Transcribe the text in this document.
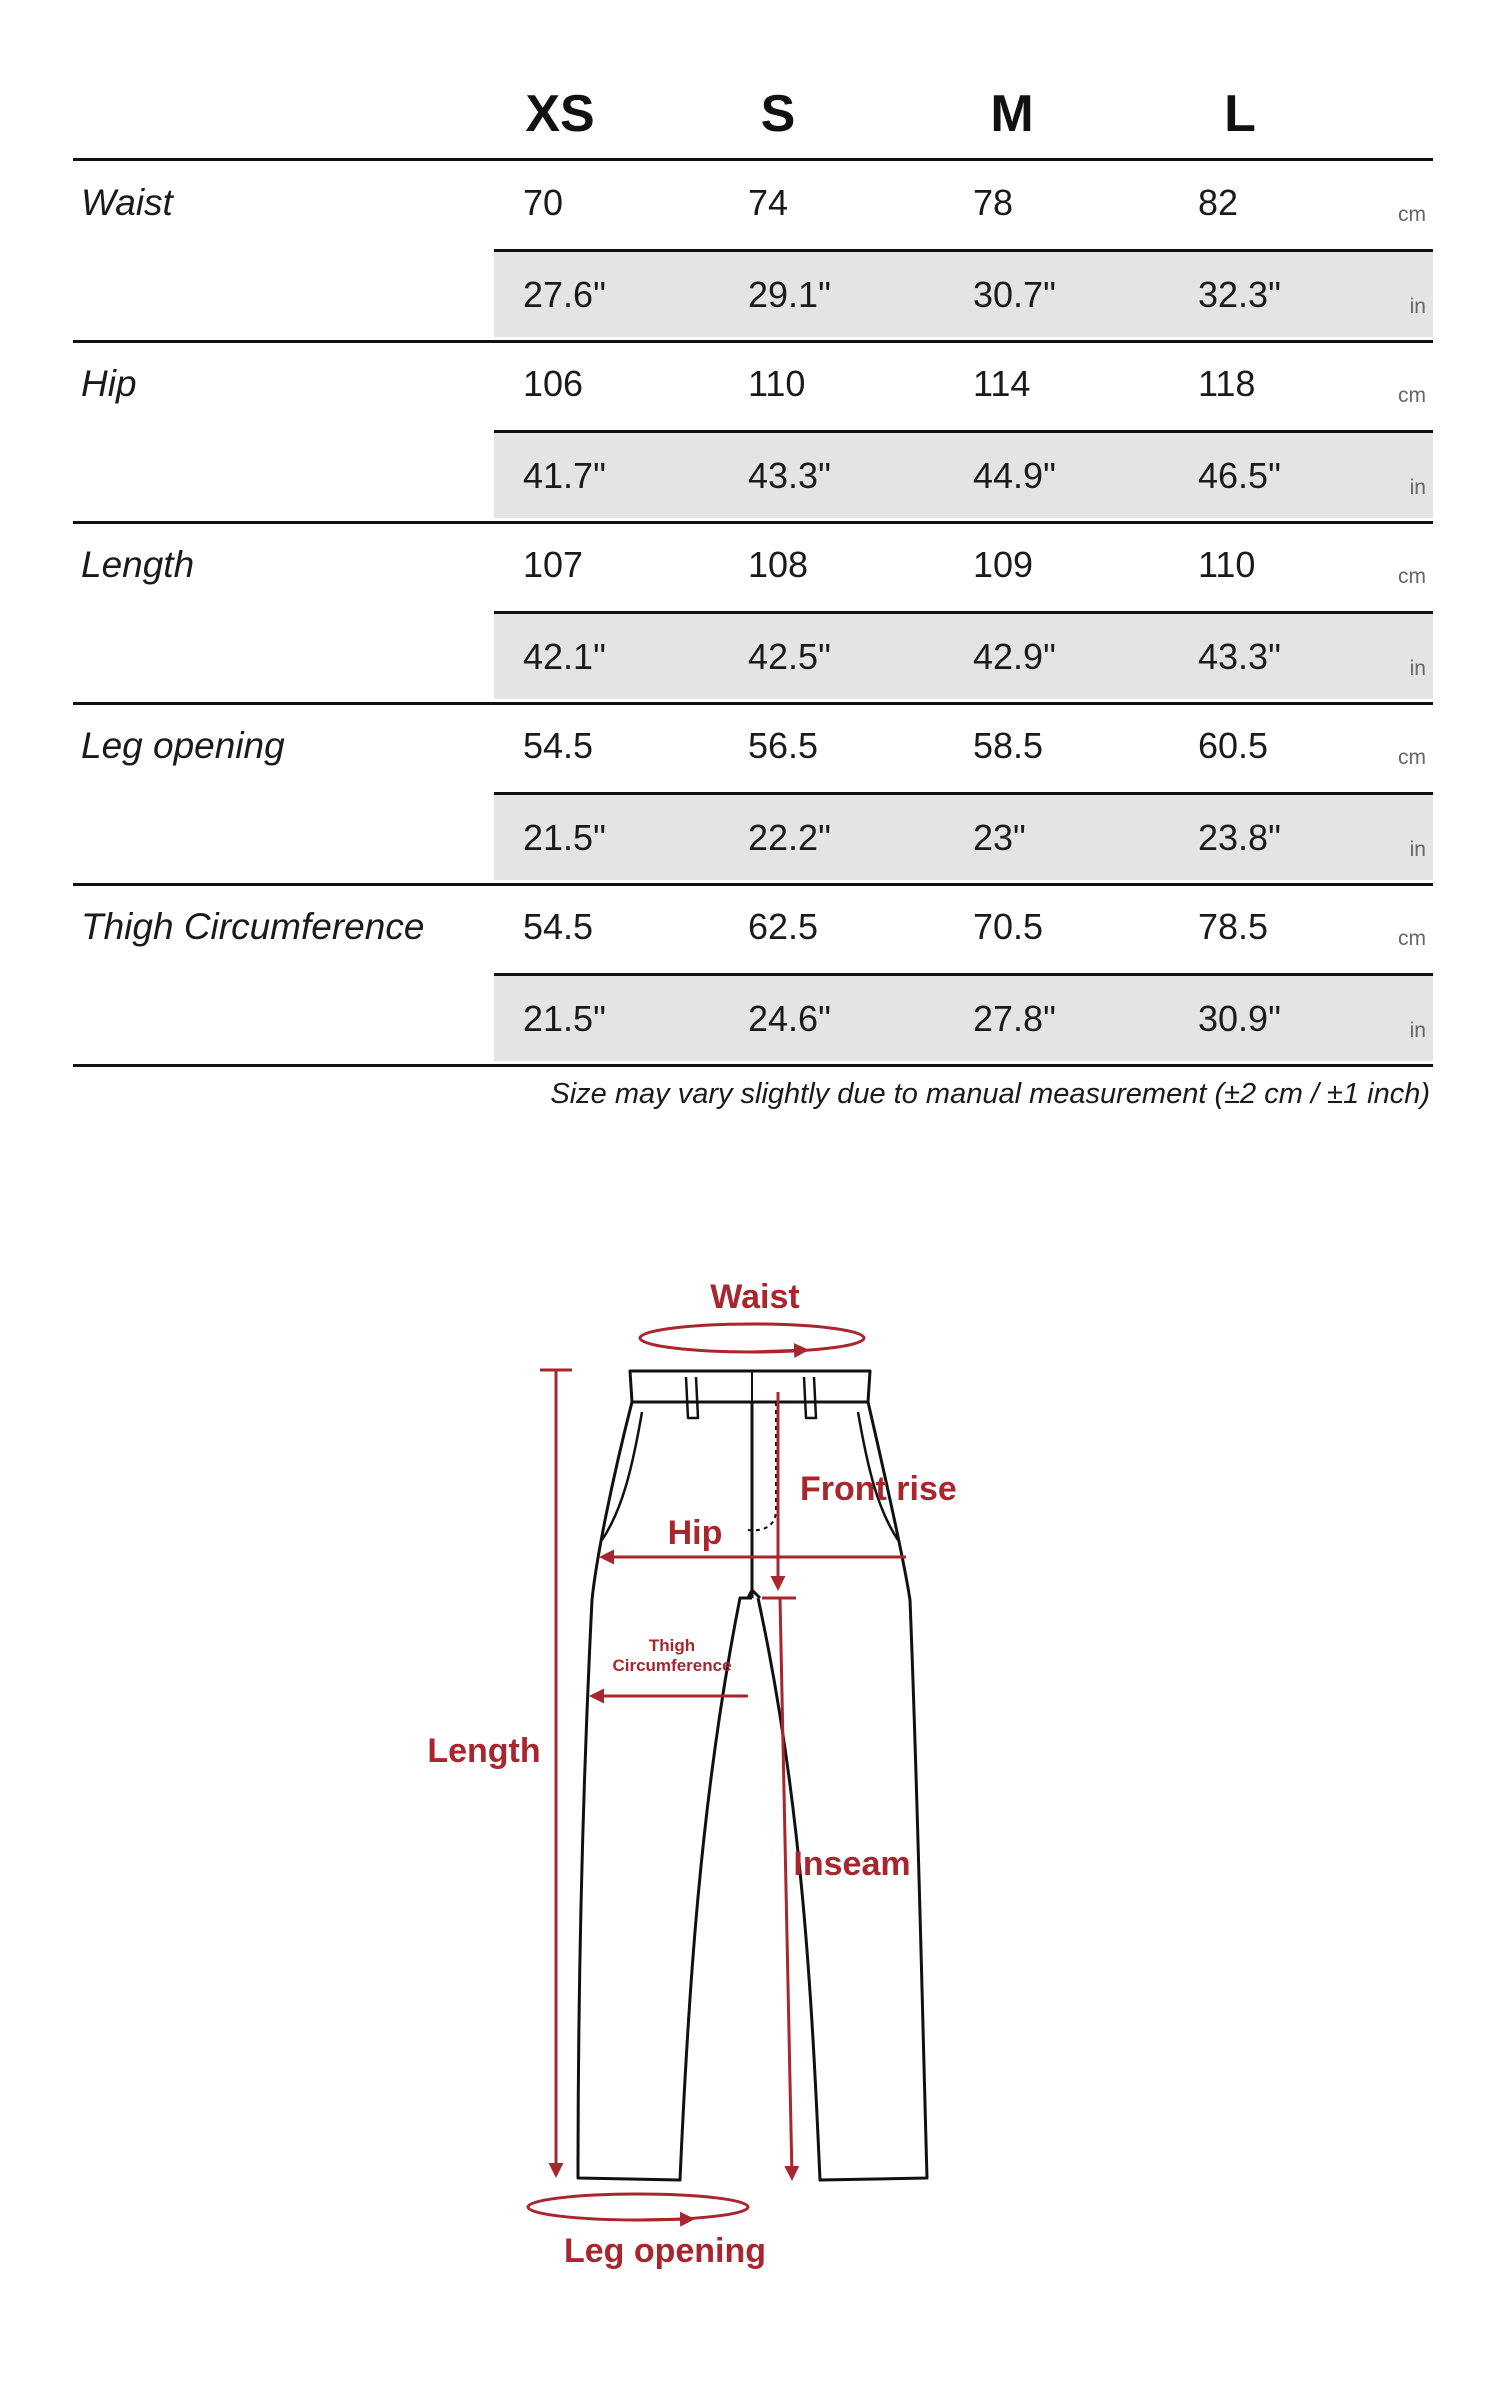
XS	S	M	L
Waist	70	74	78	82	cm
27.6"	29.1"	30.7"	32.3"	in
Hip	106	110	114	118	cm
41.7"	43.3"	44.9"	46.5"	in
Length	107	108	109	110	cm
42.1"	42.5"	42.9"	43.3"	in
Leg opening	54.5	56.5	58.5	60.5	cm
21.5"	22.2"	23"	23.8"	in
Thigh Circumference	54.5	62.5	70.5	78.5	cm
21.5"	24.6"	27.8"	30.9"	in
Size may vary slightly due to manual measurement (±2 cm / ±1 inch)
Waist
Front rise
Hip
Thigh
Circumference
Length
Inseam
Leg opening
